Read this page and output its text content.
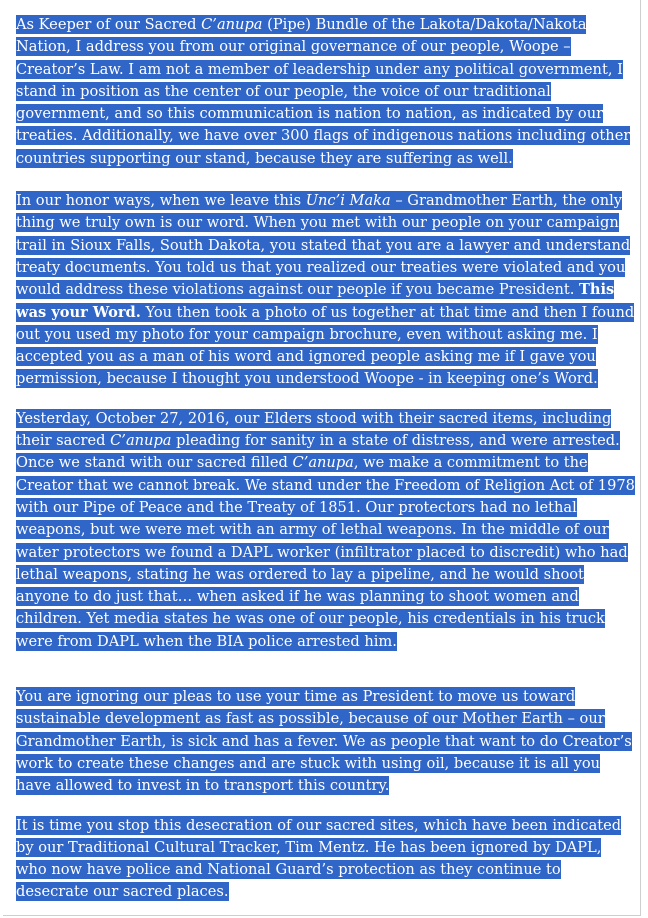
As Keeper of our Sacred C’anupa (Pipe) Bundle of the Lakota/Dakota/Nakota Nation, I address you from our original governance of our people, Woope – Creator’s Law. I am not a member of leadership under any political government, I stand in position as the center of our people, the voice of our traditional government, and so this communication is nation to nation, as indicated by our treaties. Additionally, we have over 300 flags of indigenous nations including other countries supporting our stand, because they are suffering as well.

In our honor ways, when we leave this Unc’i Maka – Grandmother Earth, the only thing we truly own is our word. When you met with our people on your campaign trail in Sioux Falls, South Dakota, you stated that you are a lawyer and understand treaty documents. You told us that you realized our treaties were violated and you would address these violations against our people if you became President. This was your Word. You then took a photo of us together at that time and then I found out you used my photo for your campaign brochure, even without asking me. I accepted you as a man of his word and ignored people asking me if I gave you permission, because I thought you understood Woope - in keeping one’s Word.

Yesterday, October 27, 2016, our Elders stood with their sacred items, including their sacred C’anupa pleading for sanity in a state of distress, and were arrested. Once we stand with our sacred filled C’anupa, we make a commitment to the Creator that we cannot break. We stand under the Freedom of Religion Act of 1978 with our Pipe of Peace and the Treaty of 1851. Our protectors had no lethal weapons, but we were met with an army of lethal weapons. In the middle of our water protectors we found a DAPL worker (infiltrator placed to discredit) who had lethal weapons, stating he was ordered to lay a pipeline, and he would shoot anyone to do just that… when asked if he was planning to shoot women and children. Yet media states he was one of our people, his credentials in his truck were from DAPL when the BIA police arrested him.

You are ignoring our pleas to use your time as President to move us toward sustainable development as fast as possible, because of our Mother Earth – our Grandmother Earth, is sick and has a fever. We as people that want to do Creator’s work to create these changes and are stuck with using oil, because it is all you have allowed to invest in to transport this country.

It is time you stop this desecration of our sacred sites, which have been indicated by our Traditional Cultural Tracker, Tim Mentz. He has been ignored by DAPL, who now have police and National Guard’s protection as they continue to desecrate our sacred places.
